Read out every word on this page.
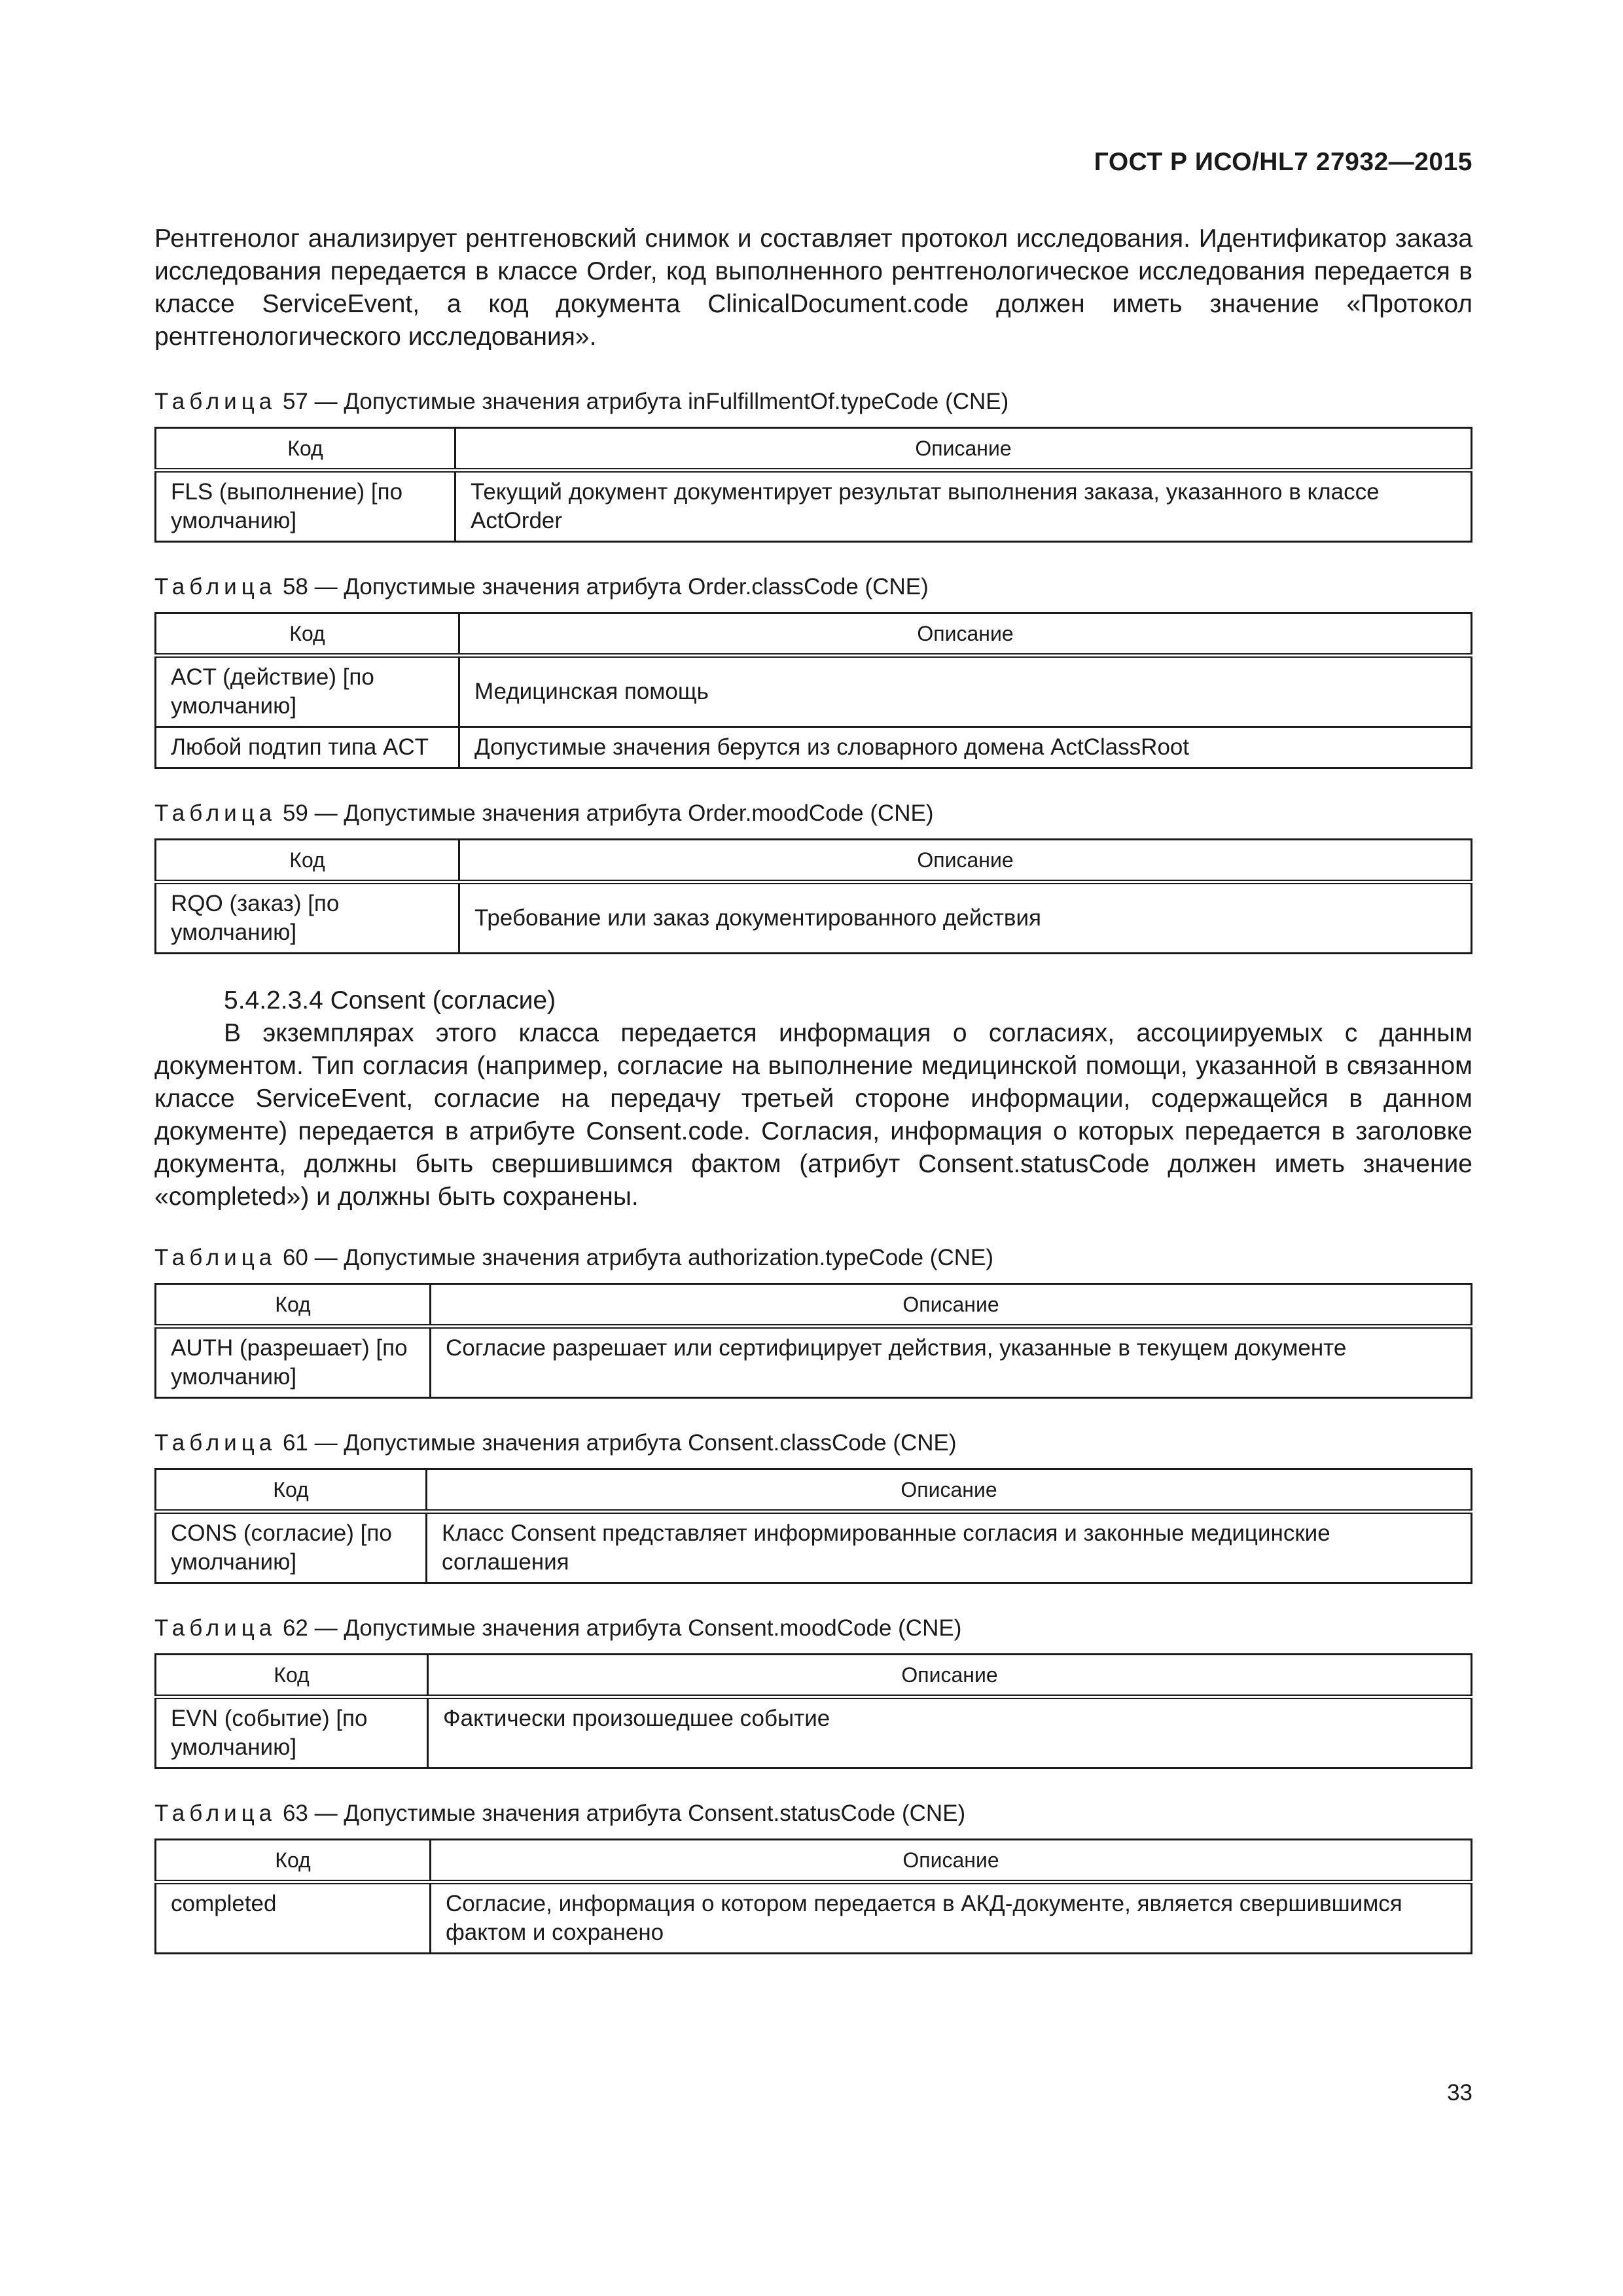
ГОСТ Р ИСО/HL7 27932—2015

Рентгенолог анализирует рентгеновский снимок и составляет протокол исследования. Идентификатор заказа исследования передается в классе Order, код выполненного рентгенологическое исследования передается в классе ServiceEvent, а код документа ClinicalDocument.code должен иметь значение «Протокол рентгенологического исследования».

Таблица 57 — Допустимые значения атрибута inFulfillmentOf.typeCode (CNE)
Код	Описание
FLS (выполнение) [по умолчанию]	Текущий документ документирует результат выполнения заказа, указанного в классе ActOrder
Таблица 58 — Допустимые значения атрибута Order.classCode (CNE)
Код	Описание
ACT (действие) [по умолчанию]	Медицинская помощь
Любой подтип типа ACT	Допустимые значения берутся из словарного домена ActClassRoot
Таблица 59 — Допустимые значения атрибута Order.moodCode (CNE)
Код	Описание
RQO (заказ) [по умолчанию]	Требование или заказ документированного действия

5.4.2.3.4 Consent (согласие)

В экземплярах этого класса передается информация о согласиях, ассоциируемых с данным документом. Тип согласия (например, согласие на выполнение медицинской помощи, указанной в связанном классе ServiceEvent, согласие на передачу третьей стороне информации, содержащейся в данном документе) передается в атрибуте Consent.code. Согласия, информация о которых передается в заголовке документа, должны быть свершившимся фактом (атрибут Consent.statusCode должен иметь значение «completed») и должны быть сохранены.

Таблица 60 — Допустимые значения атрибута authorization.typeCode (CNE)
Код	Описание
AUTH (разрешает) [по умолчанию]	Согласие разрешает или сертифицирует действия, указанные в текущем документе
Таблица 61 — Допустимые значения атрибута Consent.classCode (CNE)
Код	Описание
CONS (согласие) [по умолчанию]	Класс Consent представляет информированные согласия и законные медицинские соглашения
Таблица 62 — Допустимые значения атрибута Consent.moodCode (CNE)
Код	Описание
EVN (событие) [по умолчанию]	Фактически произошедшее событие
Таблица 63 — Допустимые значения атрибута Consent.statusCode (CNE)
Код	Описание
completed	Согласие, информация о котором передается в АКД-документе, является свершившимся фактом и сохранено
33
